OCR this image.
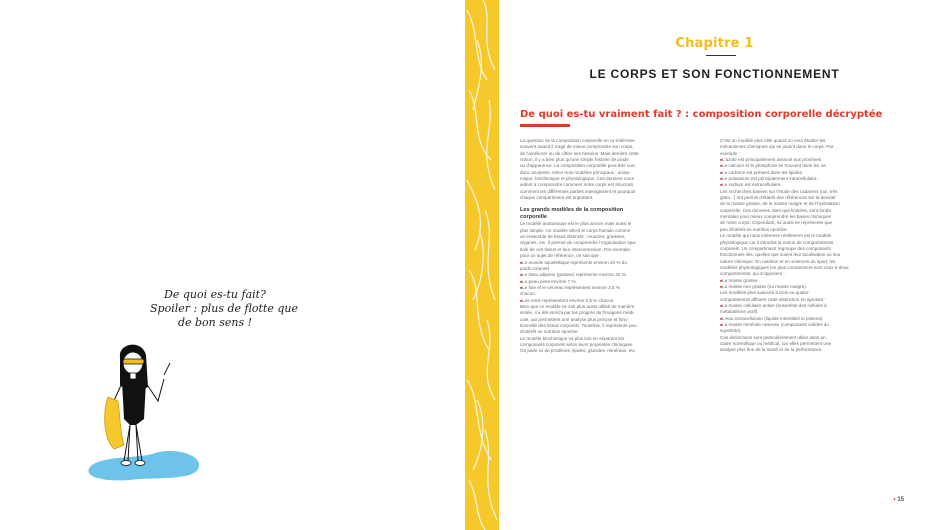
De quoi es-tu fait?
Spoiler : plus de flotte que
de bon sens !
Chapitre 1
LE CORPS ET SON FONCTIONNEMENT
De quoi es-tu vraiment fait ? : composition corporelle décryptée

La question de la composition corporelle en cy-intéresse

souvent quand il s'agit de mieux comprendre son corps,

de l'améliorer ou de cibler ses besoins. Mais derrière cette

notion, il y a bien plus qu'une simple histoire de poids

ou d'apparence. La composition corporelle peut être vue,

donc analysée, selon trois modèles principaux : anato-

mique, biochimique et physiologique. Ces derniers nous

aident à comprendre comment notre corps est structuré,

comment les différentes parties interagissent et pourquoi

chaque compartiment est important.

Les grands modèles de la composition

corporelle

Le modèle anatomique est le plus ancien mais aussi le

plus simple. Ce modèle décrit le corps humain comme

un ensemble de tissus distincts : muscles, graisses,

organes, etc. Il permet de comprendre l'organisation spa-

tiale de ces tissus et leur interconnexion. Par exemple,

pour un sujet de référence, on sait que :

■ Le muscle squelettique représente environ 40 % du

poids corporel.

■ Le tissu adipeux (graisse) représente environ 20 %.

■ La peau pèse environ 7 %.

■ Le foie et le cerveau représentent environ 2,5 %

chacun.

■ Les reins représentent environ 0,5 % chacun.

Bien que ce modèle ne soit plus aussi utilisé de manière

isolée, il a été enrichi par les progrès de l'imagerie médi-

cale, qui permettent une analyse plus précise et fonc-

tionnelle des tissus corporels. Toutefois, il représente peu

d'intérêt en nutrition sportive.

Le modèle biochimique va plus loin en séparant les

composants corporels selon leurs propriétés chimiques.

On parle ici de protéines, lipides, glucides, minéraux, etc.

C'est un modèle plus utile quand on veut étudier les

mécanismes chimiques qui se jouent dans le corps. Par

exemple :

■ L'azote est principalement associé aux protéines.

■ Le calcium et le phosphore se trouvent dans les os.

■ Le carbone est présent dans les lipides.

■ Le potassium est principalement intracellulaire.

■ Le sodium est extracellulaire.

Les recherches basées sur l'étude des cadavres (oui, très

glam...) ont permis d'établir des références sur la densité

de la masse grasse, de la masse maigre et de l'hydratation

corporelle. Ces données, bien que limitées, sont fonda-

mentales pour mieux comprendre les bases chimiques

de notre corps. Cependant, lui aussi ne représente que

peu d'intérêt en nutrition sportive.

Le modèle qui nous intéresse réellement est le modèle

physiologique car il introduit la notion de compartiments

corporels. Un compartiment regroupe des composants

fonctionnels liés, quelles que soient leur localisation ou leur

nature chimique. En nutrition et en sciences du sport, les

modèles physiologiques les plus couramment sont ceux à deux

compartiments, qui s'opposent :

■ La masse grasse.

■ La masse non grasse (ou masse maigre).

Les modèles plus avancés à trois ou quatre

compartiments affinent cette distinction en ajoutant :

■ La masse cellulaire active (ensemble des cellules à

métabolisme actif).

■ L'eau extracellulaire (liquide interstitiel et plasma).

■ La masse minérale osseuse (composants solides du

squelette).

Ces distinctions sont particulièrement utiles dans un

cadre scientifique ou médical, car elles permettent une

analyse plus fine de la santé et de la performance.

• 15
